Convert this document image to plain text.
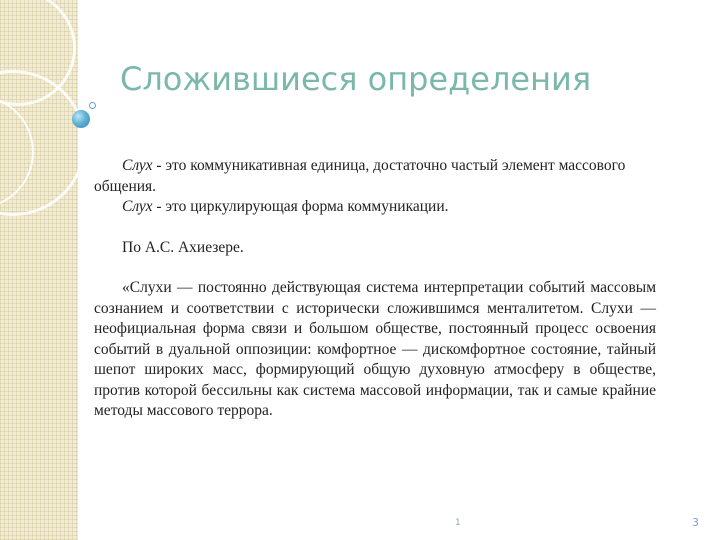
Сложившиеся определения

Слух - это коммуникативная единица, достаточно частый элемент массового общения.

Слух - это циркулирующая форма коммуникации.

По А.С. Ахиезере.

«Слухи — постоянно действующая система интерпретации событий массовым сознанием и соответствии с исторически сложившимся менталитетом. Слухи — неофициальная форма связи и большом обществе, постоянный процесс освоения событий в дуальной оппозиции: комфортное — дискомфортное состояние, тайный шепот широких масс, формирующий общую духовную атмосферу в обществе, против которой бессильны как система массовой информации, так и самые крайние методы массового террора.

1	3
